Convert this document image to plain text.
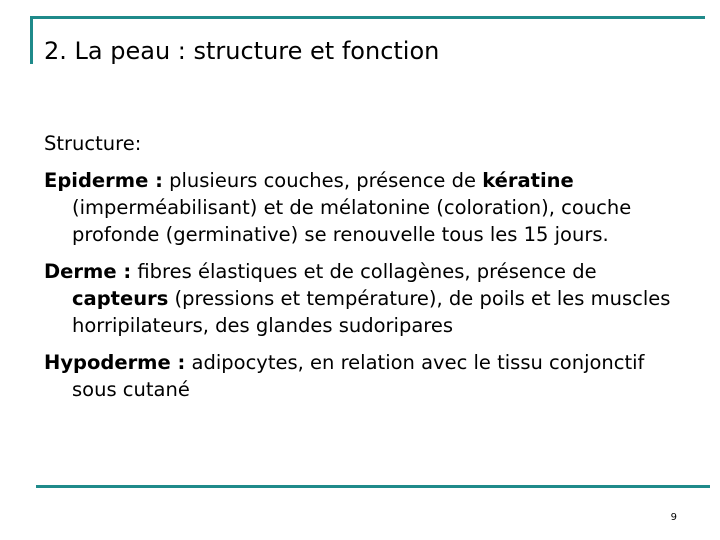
2. La peau : structure et fonction

Structure:

Epiderme : plusieurs couches, présence de kératine (imperméabilisant) et de mélatonine (coloration), couche profonde (germinative) se renouvelle tous les 15 jours.

Derme : fibres élastiques et de collagènes, présence de capteurs (pressions et température), de poils et les muscles horripilateurs, des glandes sudoripares

Hypoderme : adipocytes, en relation avec le tissu conjonctif sous cutané

9
